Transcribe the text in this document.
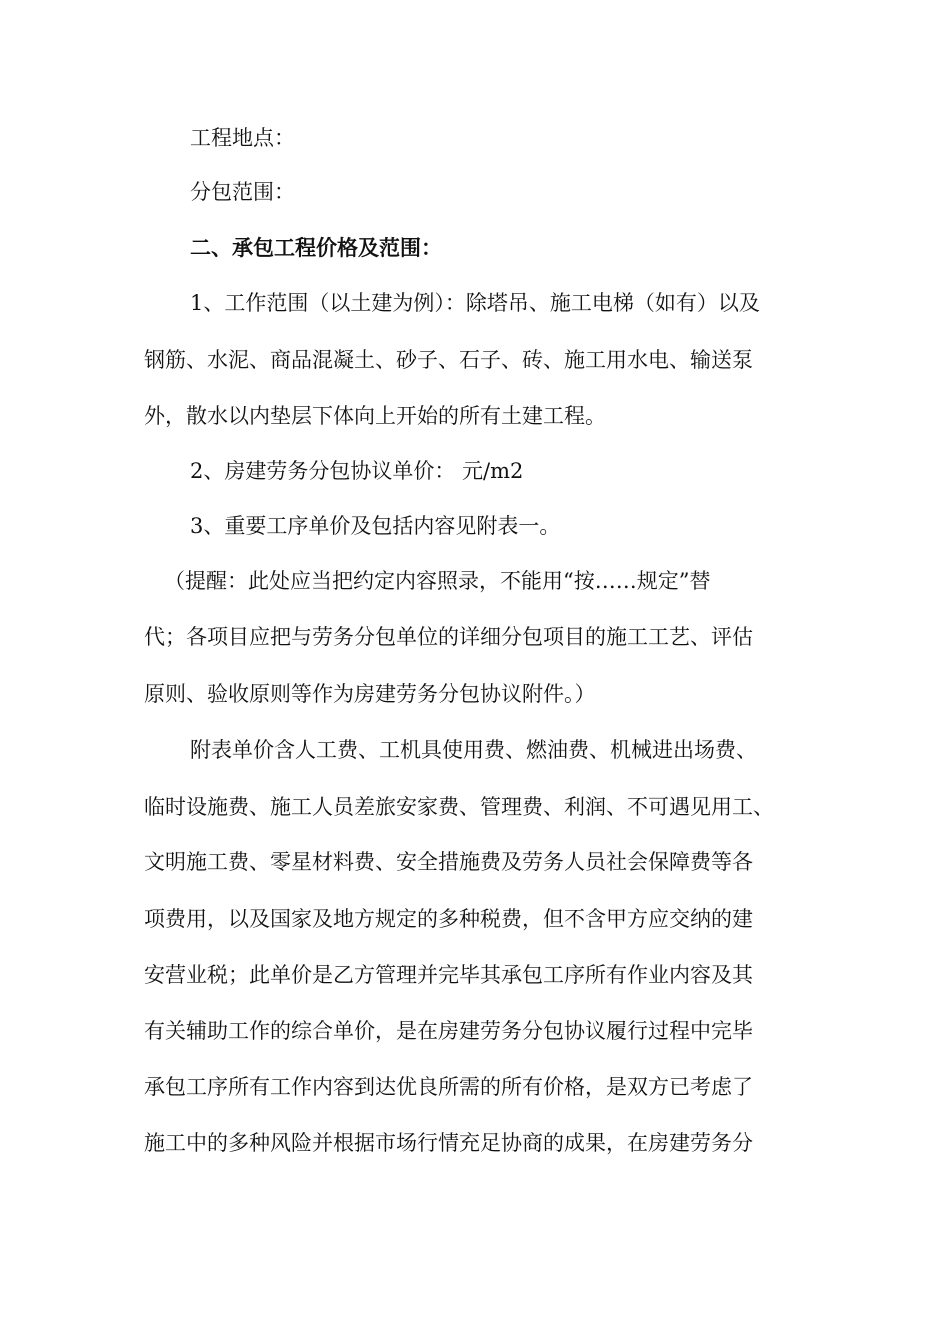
工程地点：
分包范围：
二、承包工程价格及范围：
1、工作范围（以土建为例）：除塔吊、施工电梯（如有）以及
钢筋、水泥、商品混凝土、砂子、石子、砖、施工用水电、输送泵
外，散水以内垫层下体向上开始的所有土建工程。
2、房建劳务分包协议单价： 元/m2
3、重要工序单价及包括内容见附表一。
（提醒：此处应当把约定内容照录，不能用“按……规定”替
代；各项目应把与劳务分包单位的详细分包项目的施工工艺、评估
原则、验收原则等作为房建劳务分包协议附件。）
附表单价含人工费、工机具使用费、燃油费、机械进出场费、
临时设施费、施工人员差旅安家费、管理费、利润、不可遇见用工、
文明施工费、零星材料费、安全措施费及劳务人员社会保障费等各
项费用，以及国家及地方规定的多种税费，但不含甲方应交纳的建
安营业税；此单价是乙方管理并完毕其承包工序所有作业内容及其
有关辅助工作的综合单价，是在房建劳务分包协议履行过程中完毕
承包工序所有工作内容到达优良所需的所有价格，是双方已考虑了
施工中的多种风险并根据市场行情充足协商的成果，在房建劳务分
